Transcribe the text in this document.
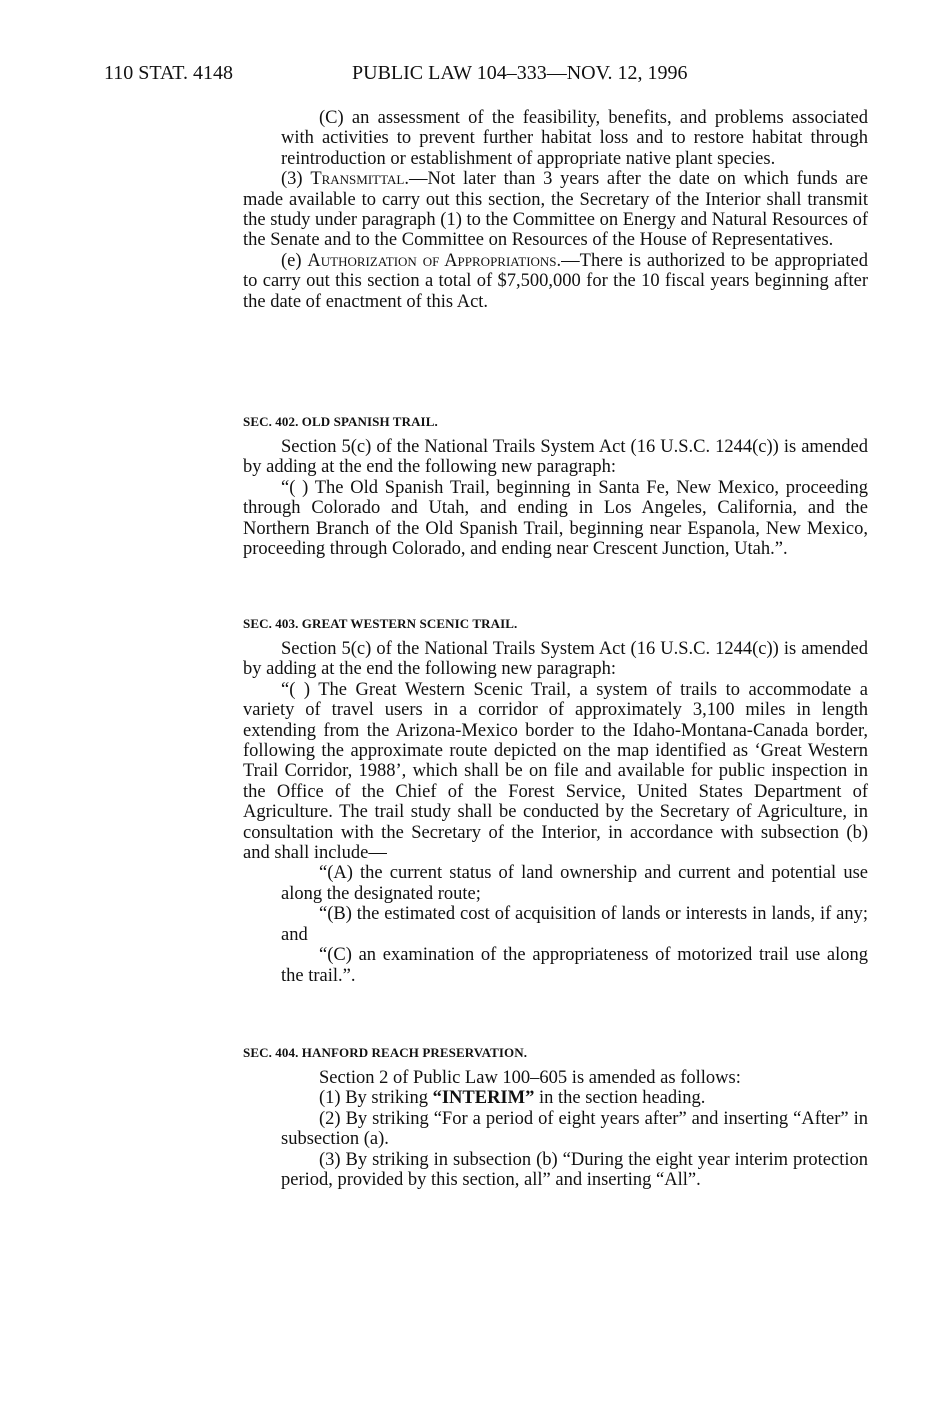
110 STAT. 4148	PUBLIC LAW 104–333—NOV. 12, 1996

(C) an assessment of the feasibility, benefits, and problems associated with activities to prevent further habitat loss and to restore habitat through reintroduction or establishment of appropriate native plant species.

(3) Transmittal.—Not later than 3 years after the date on which funds are made available to carry out this section, the Secretary of the Interior shall transmit the study under paragraph (1) to the Committee on Energy and Natural Resources of the Senate and to the Committee on Resources of the House of Representatives.

(e) Authorization of Appropriations.—There is authorized to be appropriated to carry out this section a total of $7,500,000 for the 10 fiscal years beginning after the date of enactment of this Act.

SEC. 402. OLD SPANISH TRAIL.

Section 5(c) of the National Trails System Act (16 U.S.C. 1244(c)) is amended by adding at the end the following new paragraph:

“( ) The Old Spanish Trail, beginning in Santa Fe, New Mexico, proceeding through Colorado and Utah, and ending in Los Angeles, California, and the Northern Branch of the Old Spanish Trail, beginning near Espanola, New Mexico, proceeding through Colorado, and ending near Crescent Junction, Utah.”.

SEC. 403. GREAT WESTERN SCENIC TRAIL.

Section 5(c) of the National Trails System Act (16 U.S.C. 1244(c)) is amended by adding at the end the following new paragraph:

“( ) The Great Western Scenic Trail, a system of trails to accommodate a variety of travel users in a corridor of approximately 3,100 miles in length extending from the Arizona-Mexico border to the Idaho-Montana-Canada border, following the approximate route depicted on the map identified as ‘Great Western Trail Corridor, 1988’, which shall be on file and available for public inspection in the Office of the Chief of the Forest Service, United States Department of Agriculture. The trail study shall be conducted by the Secretary of Agriculture, in consultation with the Secretary of the Interior, in accordance with subsection (b) and shall include—

“(A) the current status of land ownership and current and potential use along the designated route;

“(B) the estimated cost of acquisition of lands or interests in lands, if any; and

“(C) an examination of the appropriateness of motorized trail use along the trail.”.

SEC. 404. HANFORD REACH PRESERVATION.

Section 2 of Public Law 100–605 is amended as follows:

(1) By striking “INTERIM” in the section heading.

(2) By striking “For a period of eight years after” and inserting “After” in subsection (a).

(3) By striking in subsection (b) “During the eight year interim protection period, provided by this section, all” and inserting “All”.
